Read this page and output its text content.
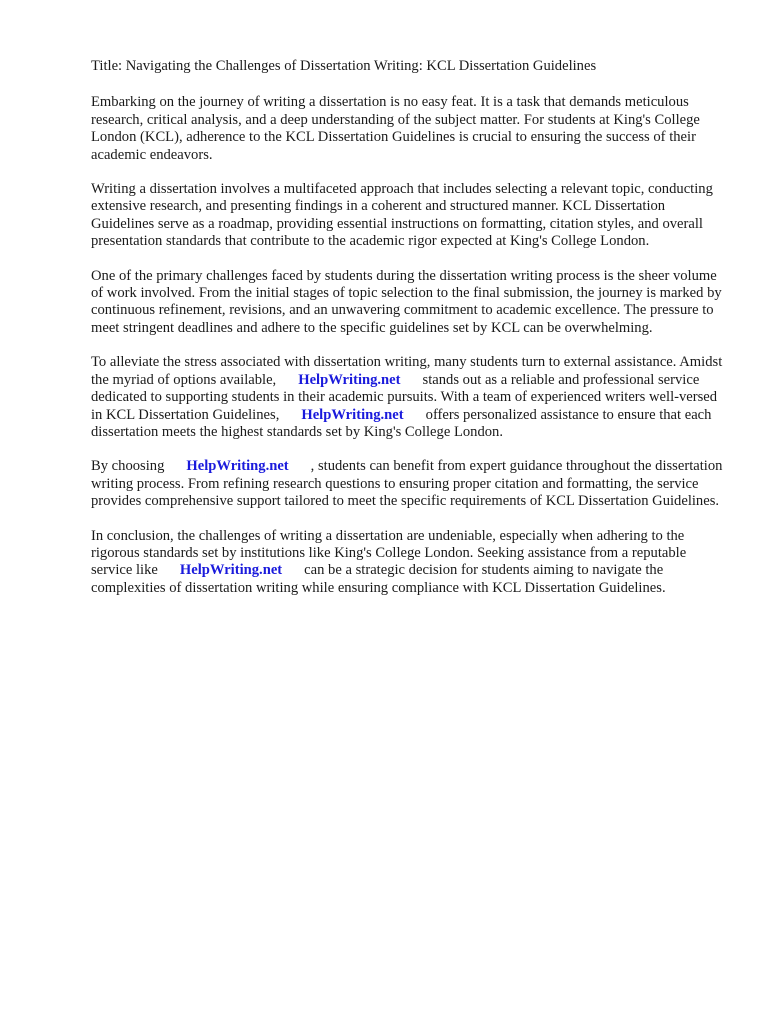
Title: Navigating the Challenges of Dissertation Writing: KCL Dissertation Guidelines

Embarking on the journey of writing a dissertation is no easy feat. It is a task that demands meticulous research, critical analysis, and a deep understanding of the subject matter. For students at King's College London (KCL), adherence to the KCL Dissertation Guidelines is crucial to ensuring the success of their academic endeavors.

Writing a dissertation involves a multifaceted approach that includes selecting a relevant topic, conducting extensive research, and presenting findings in a coherent and structured manner. KCL Dissertation Guidelines serve as a roadmap, providing essential instructions on formatting, citation styles, and overall presentation standards that contribute to the academic rigor expected at King's College London.

One of the primary challenges faced by students during the dissertation writing process is the sheer volume of work involved. From the initial stages of topic selection to the final submission, the journey is marked by continuous refinement, revisions, and an unwavering commitment to academic excellence. The pressure to meet stringent deadlines and adhere to the specific guidelines set by KCL can be overwhelming.

To alleviate the stress associated with dissertation writing, many students turn to external assistance. Amidst the myriad of options available, HelpWriting.net stands out as a reliable and professional service dedicated to supporting students in their academic pursuits. With a team of experienced writers well-versed in KCL Dissertation Guidelines, HelpWriting.net offers personalized assistance to ensure that each dissertation meets the highest standards set by King's College London.

By choosing HelpWriting.net , students can benefit from expert guidance throughout the dissertation writing process. From refining research questions to ensuring proper citation and formatting, the service provides comprehensive support tailored to meet the specific requirements of KCL Dissertation Guidelines.

In conclusion, the challenges of writing a dissertation are undeniable, especially when adhering to the rigorous standards set by institutions like King's College London. Seeking assistance from a reputable service like HelpWriting.net can be a strategic decision for students aiming to navigate the complexities of dissertation writing while ensuring compliance with KCL Dissertation Guidelines.
